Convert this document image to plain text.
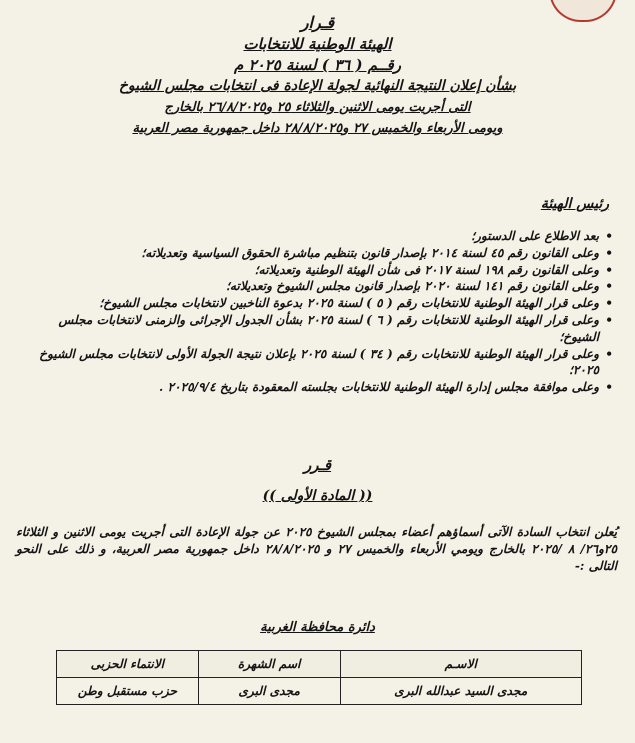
قـرار
الهيئة الوطنية للانتخابات
رقــم ( ٣٦ ) لسنة ٢٠٢٥ م
بشأن إعلان النتيجة النهائية لجولة الإعادة فى انتخابات مجلس الشيوخ
التى أجريت يومى الاثنين والثلاثاء ٢٥ و٢٦/٨/٢٠٢٥ بالخارج
ويومى الأربعاء والخميس ٢٧ و٢٨/٨/٢٠٢٥ داخل جمهورية مصر العربية
رئيس الهيئة
• بعد الاطلاع على الدستور؛
• وعلى القانون رقم ٤٥ لسنة ٢٠١٤ بإصدار قانون بتنظيم مباشرة الحقوق السياسية وتعديلاته؛
• وعلى القانون رقم ١٩٨ لسنة ٢٠١٧ فى شأن الهيئة الوطنية وتعديلاته؛
• وعلى القانون رقم ١٤١ لسنة ٢٠٢٠ بإصدار قانون مجلس الشيوخ وتعديلاته؛
• وعلى قرار الهيئة الوطنية للانتخابات رقم ( ٥ ) لسنة ٢٠٢٥ بدعوة الناخبين لانتخابات مجلس الشيوخ؛
• وعلى قرار الهيئة الوطنية للانتخابات رقم ( ٦ ) لسنة ٢٠٢٥ بشأن الجدول الإجرائى والزمنى لانتخابات مجلس الشيوخ؛
• وعلى قرار الهيئة الوطنية للانتخابات رقم ( ٣٤ ) لسنة ٢٠٢٥ بإعلان نتيجة الجولة الأولى لانتخابات مجلس الشيوخ ٢٠٢٥؛
• وعلى موافقة مجلس إدارة الهيئة الوطنية للانتخابات بجلسته المعقودة بتاريخ ٢٠٢٥/٩/٤ .
قـرر
(( المادة الأولى ))
يُعلن انتخاب السادة الآتى أسماؤهم أعضاء بمجلس الشيوخ ٢٠٢٥ عن جولة الإعادة التى أجريت يومى الاثنين و الثلاثاء ٢٥و٢٦/ ٨ /٢٠٢٥ بالخارج ويومي الأربعاء والخميس ٢٧ و ٢٨/٨/٢٠٢٥ داخل جمهورية مصر العربية، و ذلك على النحو التالى :-
دائرة محافظة الغربية
الاسـم	اسم الشهرة	الانتماء الحزبى
مجدى السيد عبدالله البرى	مجدى البرى	حزب مستقبل وطن
